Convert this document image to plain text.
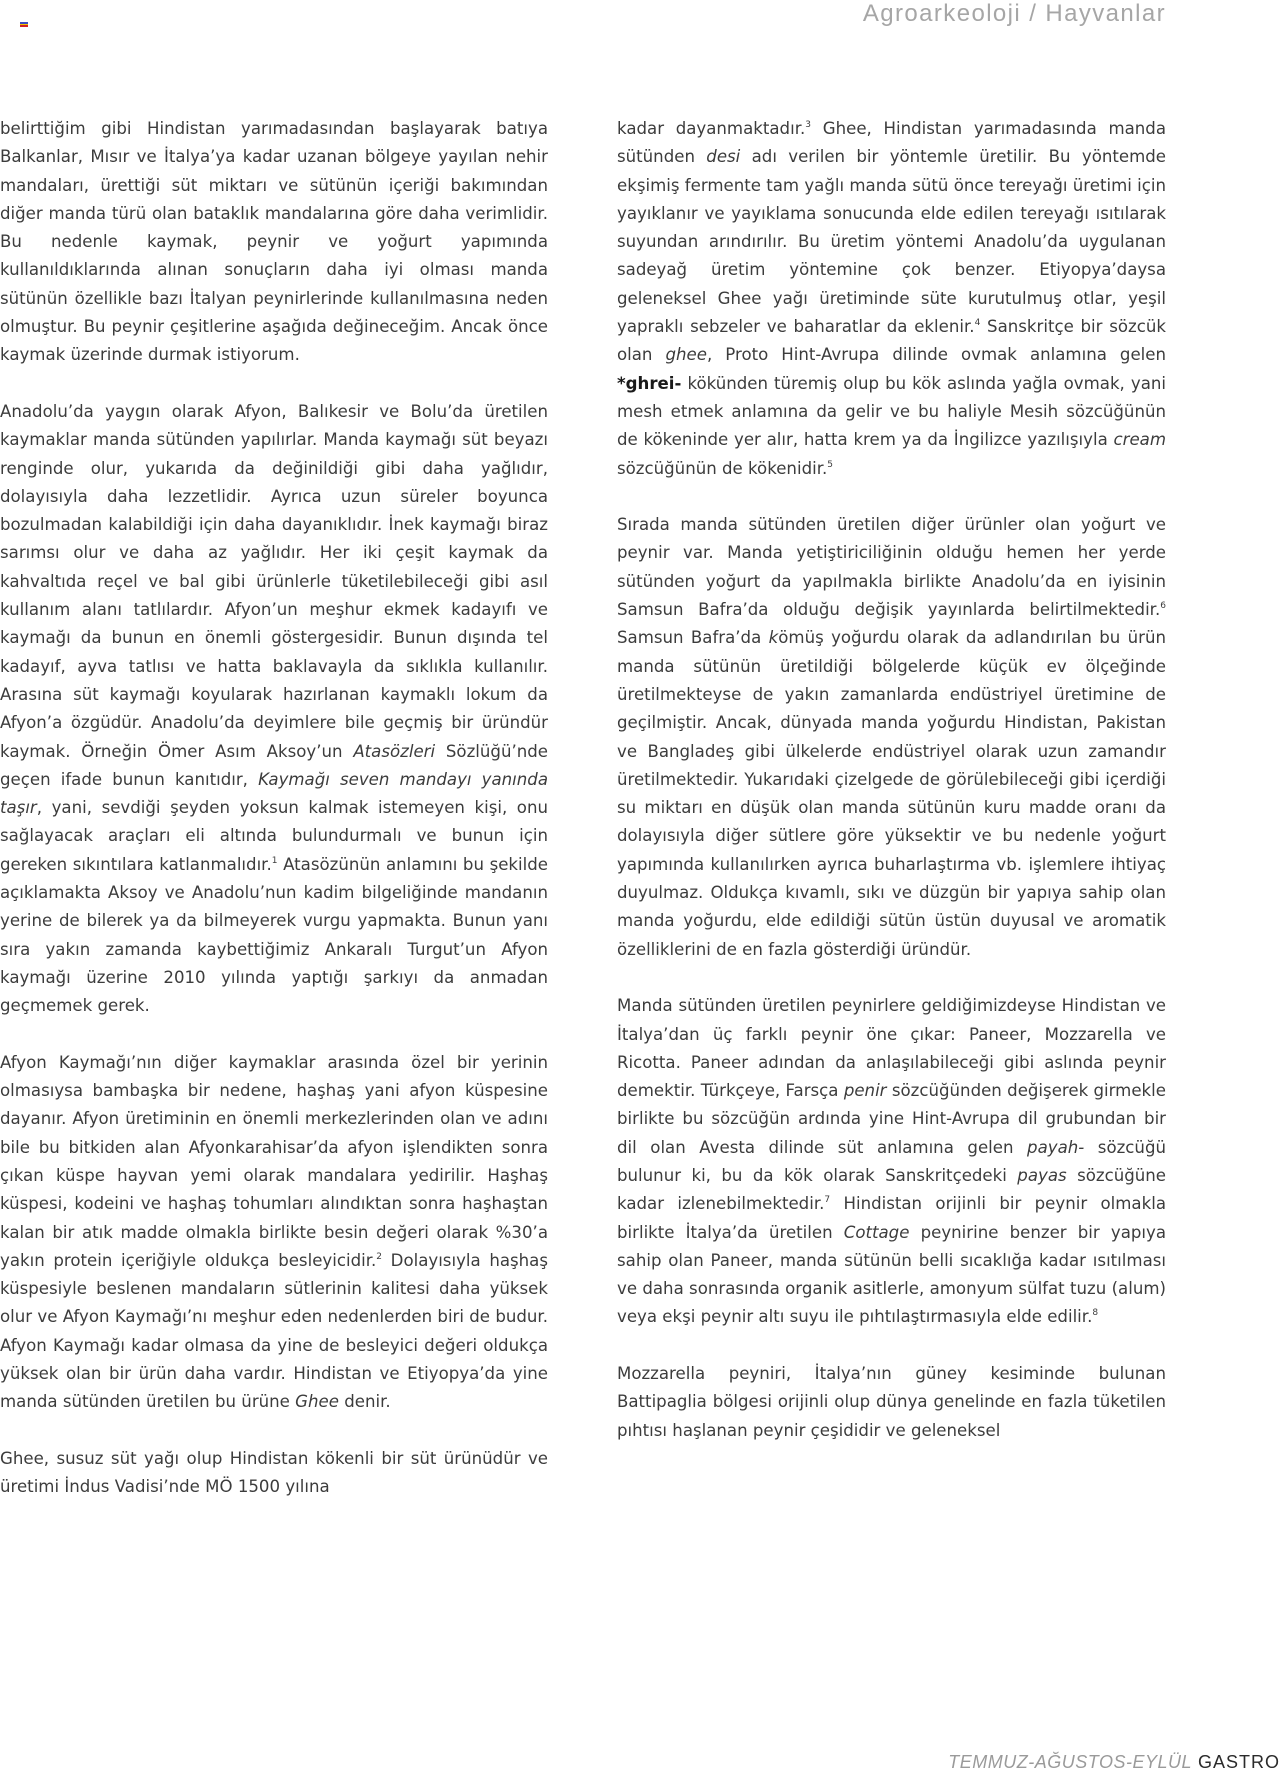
Agroarkeoloji / Hayvanlar

belirttiğim gibi Hindistan yarımadasından başlayarak batıya Balkanlar, Mısır ve İtalya’ya kadar uzanan bölgeye yayılan nehir mandaları, ürettiği süt miktarı ve sütünün içeriği bakımından diğer manda türü olan bataklık mandalarına göre daha verimlidir. Bu nedenle kaymak, peynir ve yoğurt yapımında kullanıldıklarında alınan sonuçların daha iyi olması manda sütünün özellikle bazı İtalyan peynirlerinde kullanılmasına neden olmuştur. Bu peynir çeşitlerine aşağıda değineceğim. Ancak önce kaymak üzerinde durmak istiyorum.

Anadolu’da yaygın olarak Afyon, Balıkesir ve Bolu’da üretilen kaymaklar manda sütünden yapılırlar. Manda kaymağı süt beyazı renginde olur, yukarıda da değinildiği gibi daha yağlıdır, dolayısıyla daha lezzetlidir. Ayrıca uzun süreler boyunca bozulmadan kalabildiği için daha dayanıklıdır. İnek kaymağı biraz sarımsı olur ve daha az yağlıdır. Her iki çeşit kaymak da kahvaltıda reçel ve bal gibi ürünlerle tüketilebileceği gibi asıl kullanım alanı tatlılardır. Afyon’un meşhur ekmek kadayıfı ve kaymağı da bunun en önemli göstergesidir. Bunun dışında tel kadayıf, ayva tatlısı ve hatta baklavayla da sıklıkla kullanılır. Arasına süt kaymağı koyularak hazırlanan kaymaklı lokum da Afyon’a özgüdür. Anadolu’da deyimlere bile geçmiş bir üründür kaymak. Örneğin Ömer Asım Aksoy’un Atasözleri Sözlüğü’nde geçen ifade bunun kanıtıdır, Kaymağı seven mandayı yanında taşır, yani, sevdiği şeyden yoksun kalmak istemeyen kişi, onu sağlayacak araçları eli altında bulundurmalı ve bunun için gereken sıkıntılara katlanmalıdır.$^1$ Atasözünün anlamını bu şekilde açıklamakta Aksoy ve Anadolu’nun kadim bilgeliğinde mandanın yerine de bilerek ya da bilmeyerek vurgu yapmakta. Bunun yanı sıra yakın zamanda kaybettiğimiz Ankaralı Turgut’un Afyon kaymağı üzerine 2010 yılında yaptığı şarkıyı da anmadan geçmemek gerek.

Afyon Kaymağı’nın diğer kaymaklar arasında özel bir yerinin olmasıysa bambaşka bir nedene, haşhaş yani afyon küspesine dayanır. Afyon üretiminin en önemli merkezlerinden olan ve adını bile bu bitkiden alan Afyonkarahisar’da afyon işlendikten sonra çıkan küspe hayvan yemi olarak mandalara yedirilir. Haşhaş küspesi, kodeini ve haşhaş tohumları alındıktan sonra haşhaştan kalan bir atık madde olmakla birlikte besin değeri olarak %30’a yakın protein içeriğiyle oldukça besleyicidir.$^2$ Dolayısıyla haşhaş küspesiyle beslenen mandaların sütlerinin kalitesi daha yüksek olur ve Afyon Kaymağı’nı meşhur eden nedenlerden biri de budur. Afyon Kaymağı kadar olmasa da yine de besleyici değeri oldukça yüksek olan bir ürün daha vardır. Hindistan ve Etiyopya’da yine manda sütünden üretilen bu ürüne Ghee denir.

Ghee, susuz süt yağı olup Hindistan kökenli bir süt ürünüdür ve üretimi İndus Vadisi’nde MÖ 1500 yılına

kadar dayanmaktadır.$^3$ Ghee, Hindistan yarımadasında manda sütünden desi adı verilen bir yöntemle üretilir. Bu yöntemde ekşimiş fermente tam yağlı manda sütü önce tereyağı üretimi için yayıklanır ve yayıklama sonucunda elde edilen tereyağı ısıtılarak suyundan arındırılır. Bu üretim yöntemi Anadolu’da uygulanan sadeyağ üretim yöntemine çok benzer. Etiyopya’daysa geleneksel Ghee yağı üretiminde süte kurutulmuş otlar, yeşil yapraklı sebzeler ve baharatlar da eklenir.$^4$ Sanskritçe bir sözcük olan ghee, Proto Hint-Avrupa dilinde ovmak anlamına gelen *ghrei- kökünden türemiş olup bu kök aslında yağla ovmak, yani mesh etmek anlamına da gelir ve bu haliyle Mesih sözcüğünün de kökeninde yer alır, hatta krem ya da İngilizce yazılışıyla cream sözcüğünün de kökenidir.$^5$

Sırada manda sütünden üretilen diğer ürünler olan yoğurt ve peynir var. Manda yetiştiriciliğinin olduğu hemen her yerde sütünden yoğurt da yapılmakla birlikte Anadolu’da en iyisinin Samsun Bafra’da olduğu değişik yayınlarda belirtilmektedir.$^6$ Samsun Bafra’da kömüş yoğurdu olarak da adlandırılan bu ürün manda sütünün üretildiği bölgelerde küçük ev ölçeğinde üretilmekteyse de yakın zamanlarda endüstriyel üretimine de geçilmiştir. Ancak, dünyada manda yoğurdu Hindistan, Pakistan ve Bangladeş gibi ülkelerde endüstriyel olarak uzun zamandır üretilmektedir. Yukarıdaki çizelgede de görülebileceği gibi içerdiği su miktarı en düşük olan manda sütünün kuru madde oranı da dolayısıyla diğer sütlere göre yüksektir ve bu nedenle yoğurt yapımında kullanılırken ayrıca buharlaştırma vb. işlemlere ihtiyaç duyulmaz. Oldukça kıvamlı, sıkı ve düzgün bir yapıya sahip olan manda yoğurdu, elde edildiği sütün üstün duyusal ve aromatik özelliklerini de en fazla gösterdiği üründür.

Manda sütünden üretilen peynirlere geldiğimizdeyse Hindistan ve İtalya’dan üç farklı peynir öne çıkar: Paneer, Mozzarella ve Ricotta. Paneer adından da anlaşılabileceği gibi aslında peynir demektir. Türkçeye, Farsça penir sözcüğünden değişerek girmekle birlikte bu sözcüğün ardında yine Hint-Avrupa dil grubundan bir dil olan Avesta dilinde süt anlamına gelen payah- sözcüğü bulunur ki, bu da kök olarak Sanskritçedeki payas sözcüğüne kadar izlenebilmektedir.$^7$ Hindistan orijinli bir peynir olmakla birlikte İtalya’da üretilen Cottage peynirine benzer bir yapıya sahip olan Paneer, manda sütünün belli sıcaklığa kadar ısıtılması ve daha sonrasında organik asitlerle, amonyum sülfat tuzu (alum) veya ekşi peynir altı suyu ile pıhtılaştırmasıyla elde edilir.$^8$

Mozzarella peyniri, İtalya’nın güney kesiminde bulunan Battipaglia bölgesi orijinli olup dünya genelinde en fazla tüketilen pıhtısı haşlanan peynir çeşididir ve geleneksel

TEMMUZ-AĞUSTOS-EYLÜL GASTRO
